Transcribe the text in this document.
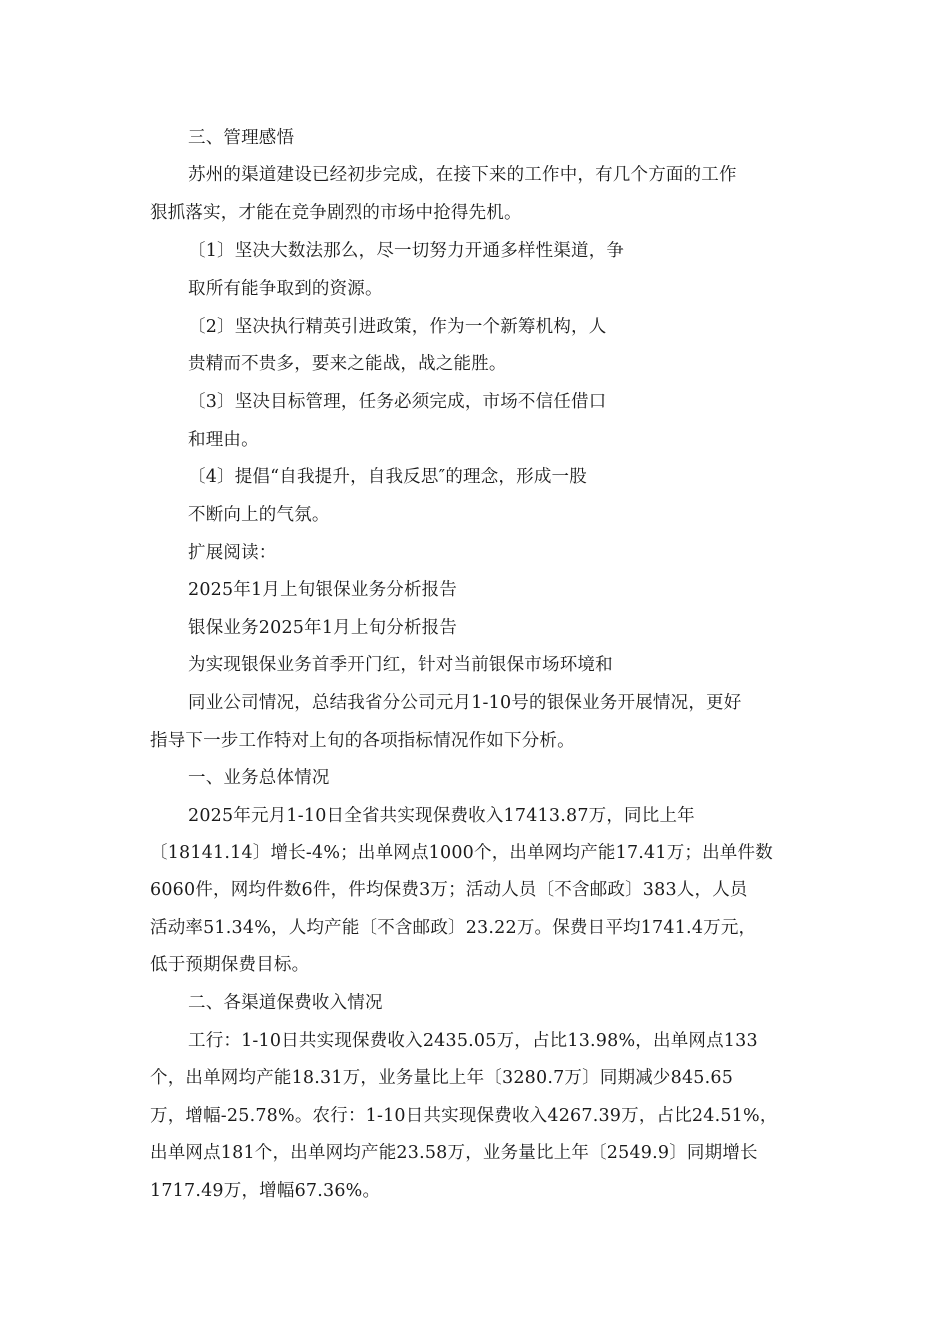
三、管理感悟
苏州的渠道建设已经初步完成，在接下来的工作中，有几个方面的工作
狠抓落实，才能在竞争剧烈的市场中抢得先机。
〔1〕坚决大数法那么，尽一切努力开通多样性渠道，争
取所有能争取到的资源。
〔2〕坚决执行精英引进政策，作为一个新筹机构，人
贵精而不贵多，要来之能战，战之能胜。
〔3〕坚决目标管理，任务必须完成，市场不信任借口
和理由。
〔4〕提倡“自我提升，自我反思″的理念，形成一股
不断向上的气氛。
扩展阅读：
2025年1月上旬银保业务分析报告
银保业务2025年1月上旬分析报告
为实现银保业务首季开门红，针对当前银保市场环境和
同业公司情况，总结我省分公司元月1-10号的银保业务开展情况，更好
指导下一步工作特对上旬的各项指标情况作如下分析。
一、业务总体情况
2025年元月1-10日全省共实现保费收入17413.87万，同比上年
〔18141.14〕增长-4%；出单网点1000个，出单网均产能17.41万；出单件数
6060件，网均件数6件，件均保费3万；活动人员〔不含邮政〕383人，人员
活动率51.34%，人均产能〔不含邮政〕23.22万。保费日平均1741.4万元，
低于预期保费目标。
二、各渠道保费收入情况
工行：1-10日共实现保费收入2435.05万，占比13.98%，出单网点133
个，出单网均产能18.31万，业务量比上年〔3280.7万〕同期减少845.65
万，增幅-25.78%。农行：1-10日共实现保费收入4267.39万，占比24.51%，
出单网点181个，出单网均产能23.58万，业务量比上年〔2549.9〕同期增长
1717.49万，增幅67.36%。
